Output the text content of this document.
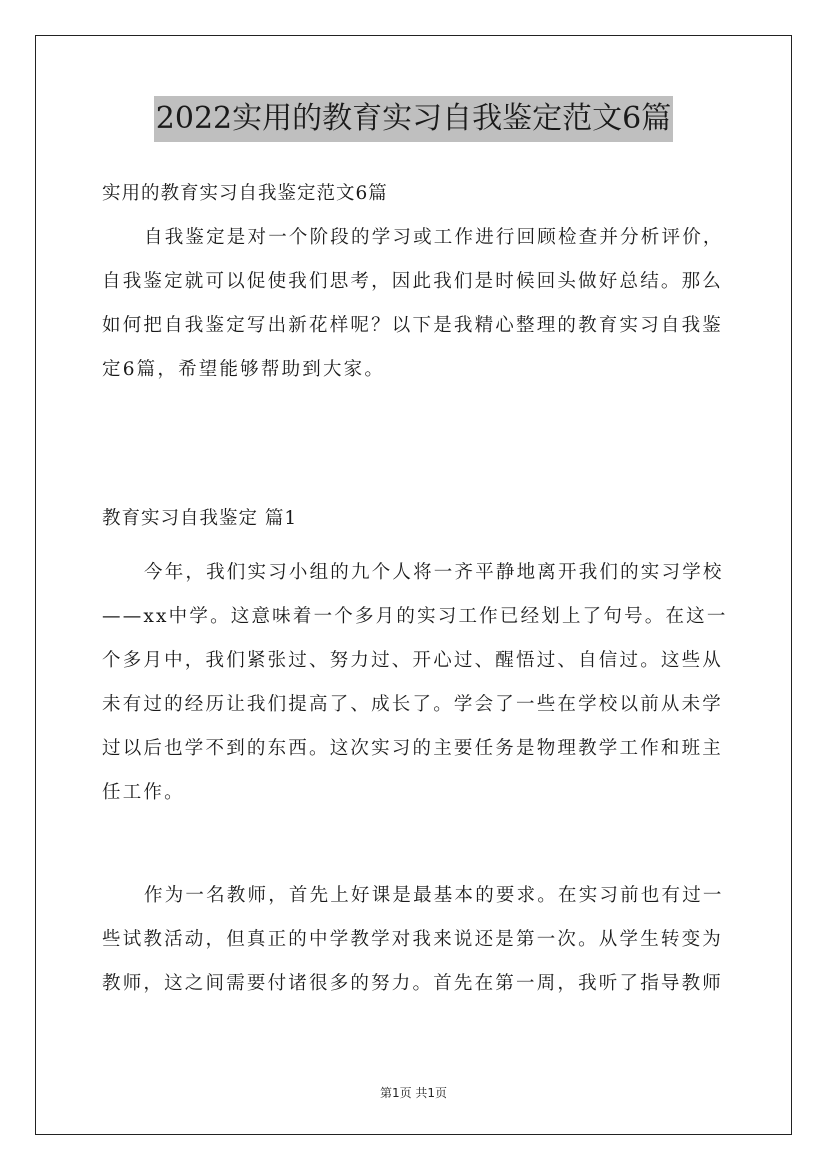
2022实用的教育实习自我鉴定范文6篇

实用的教育实习自我鉴定范文6篇

自我鉴定是对一个阶段的学习或工作进行回顾检查并分析评价，
自我鉴定就可以促使我们思考，因此我们是时候回头做好总结。那么
如何把自我鉴定写出新花样呢？以下是我精心整理的教育实习自我鉴
定6篇，希望能够帮助到大家。

教育实习自我鉴定 篇1

今年，我们实习小组的九个人将一齐平静地离开我们的实习学校
——xx中学。这意味着一个多月的实习工作已经划上了句号。在这一
个多月中，我们紧张过、努力过、开心过、醒悟过、自信过。这些从
未有过的经历让我们提高了、成长了。学会了一些在学校以前从未学
过以后也学不到的东西。这次实习的主要任务是物理教学工作和班主
任工作。
作为一名教师，首先上好课是最基本的要求。在实习前也有过一
些试教活动，但真正的中学教学对我来说还是第一次。从学生转变为
教师，这之间需要付诸很多的努力。首先在第一周，我听了指导教师
第1页 共1页
